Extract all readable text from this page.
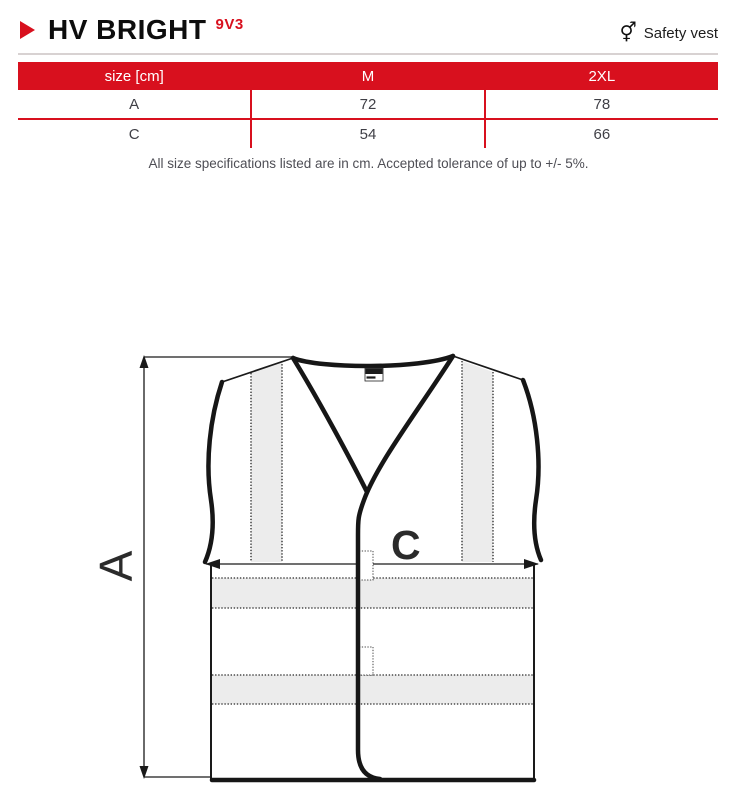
HV BRIGHT 9V3	⚥ Safety vest
size [cm]	M	2XL
A	72	78
C	54	66

All size specifications listed are in cm. Accepted tolerance of up to +/- 5%.

A	C
